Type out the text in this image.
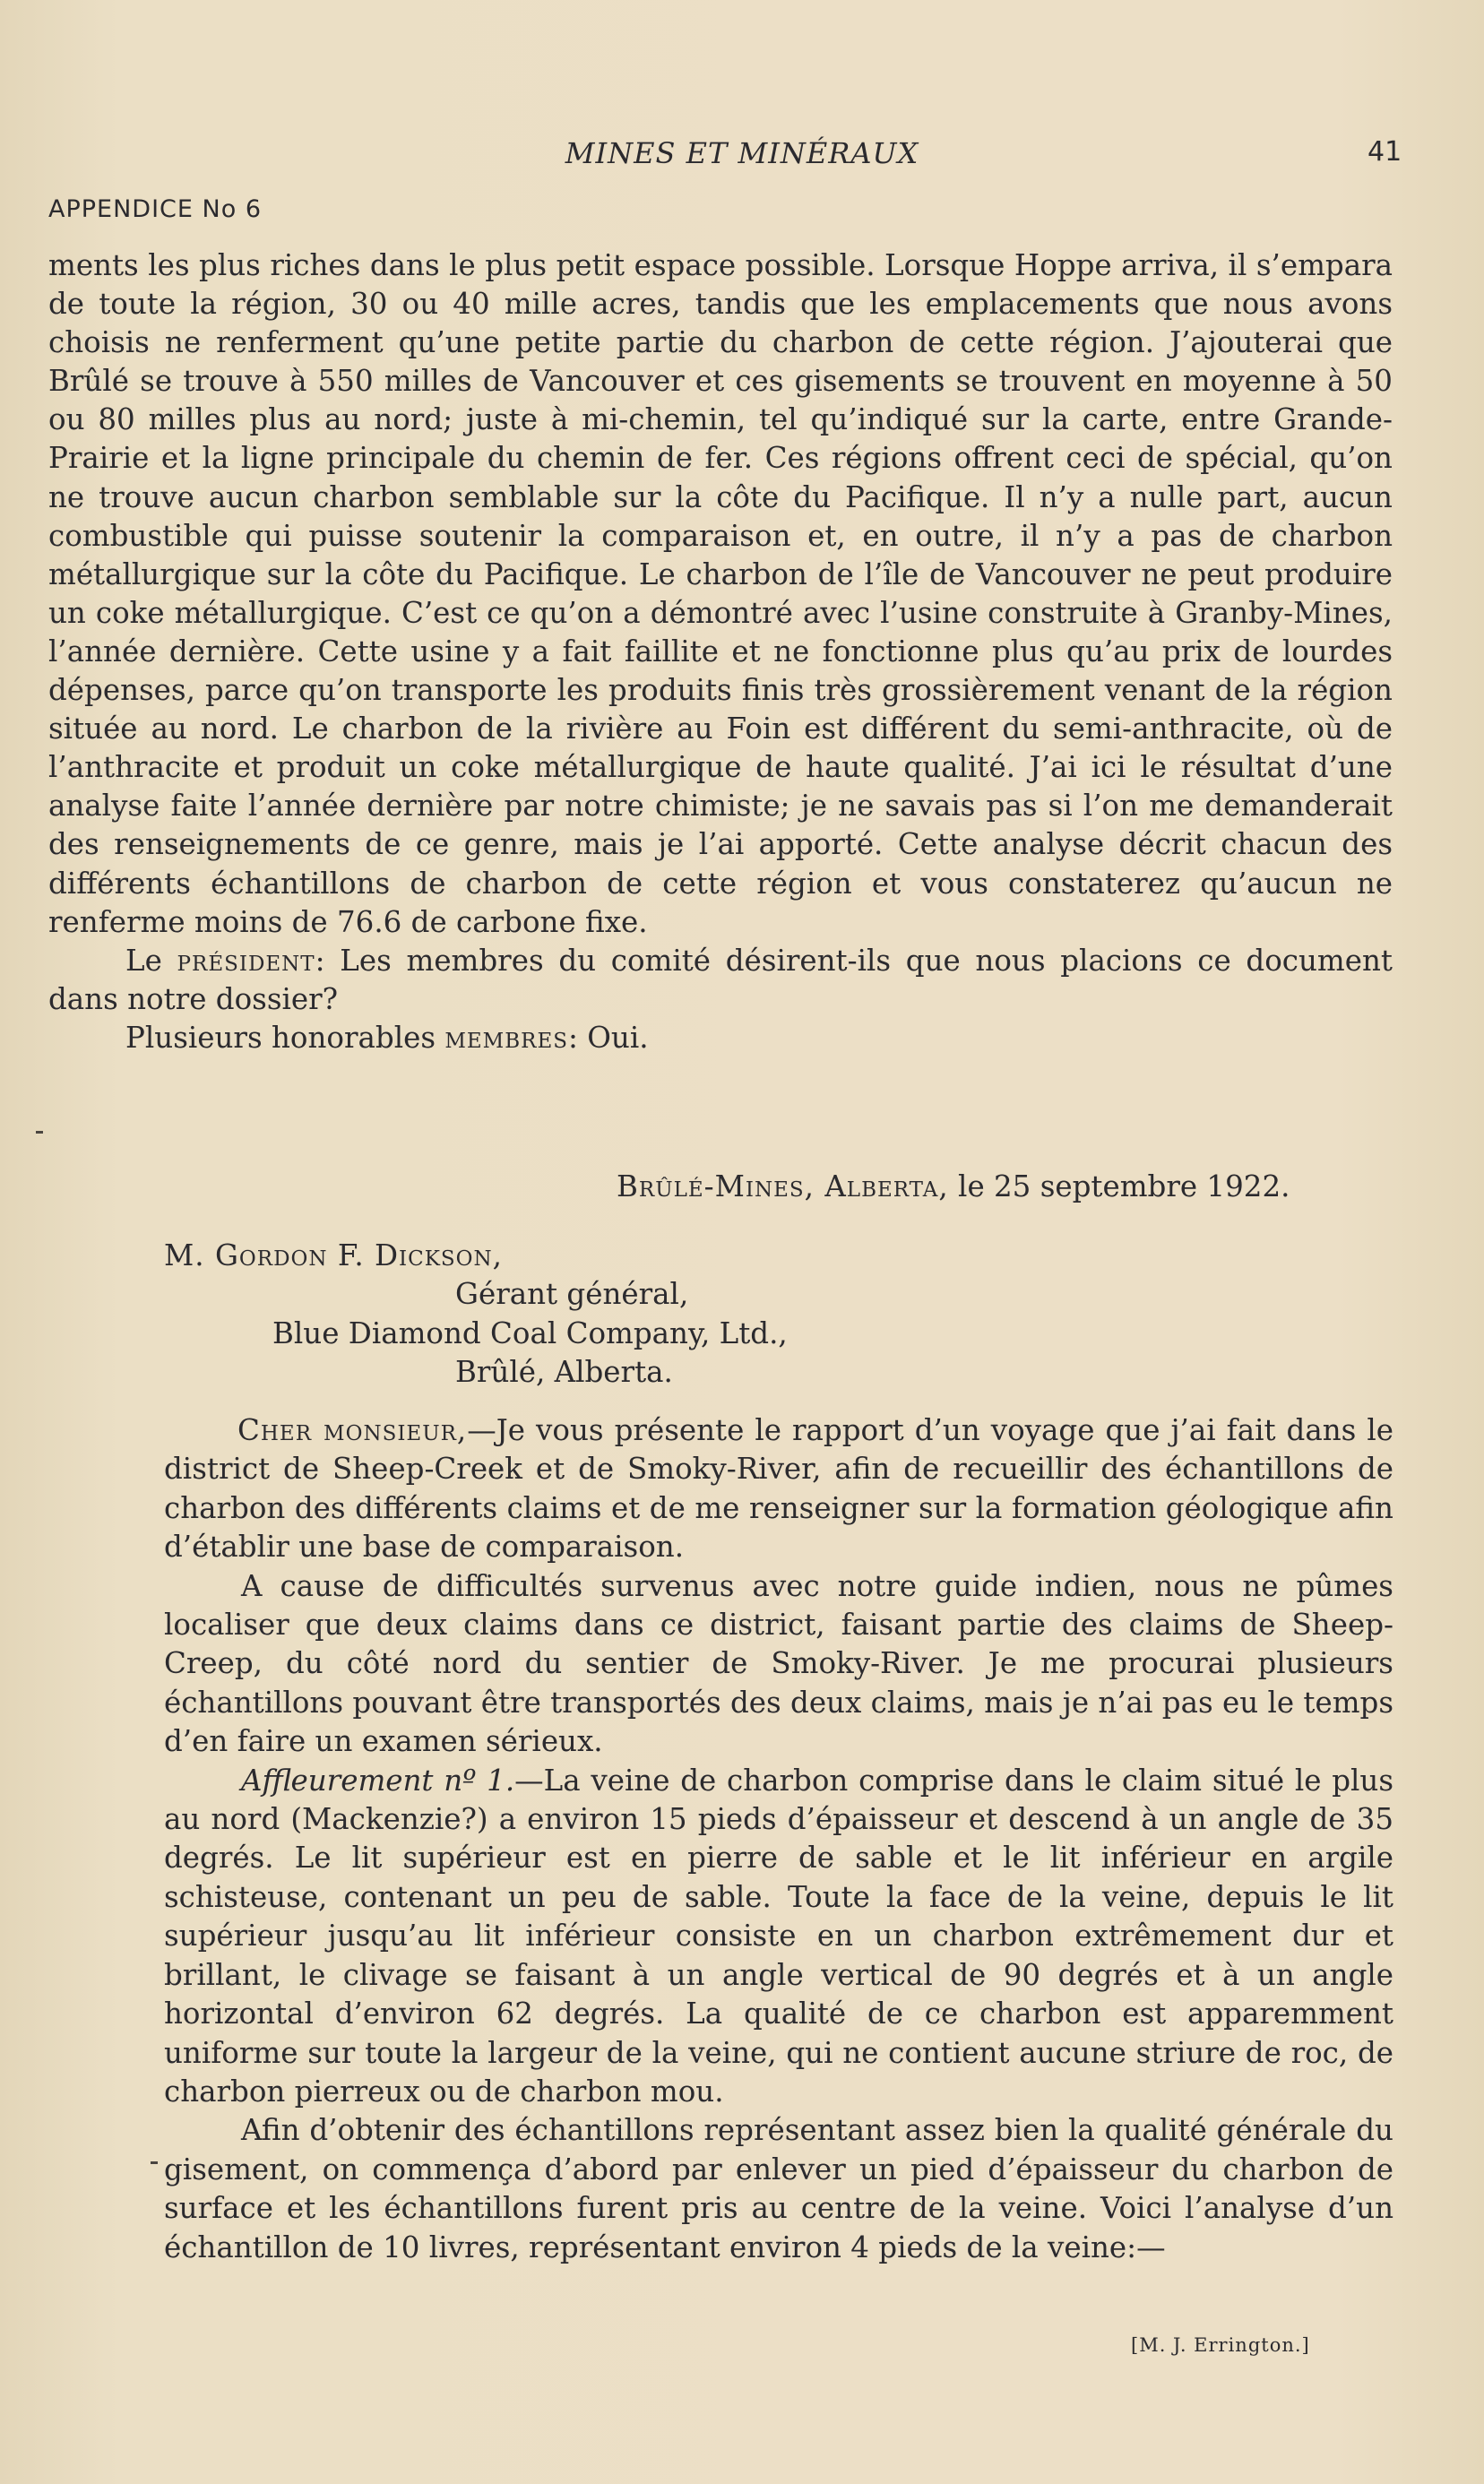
MINES ET MINÉRAUX	41
APPENDICE No 6

ments les plus riches dans le plus petit espace possible. Lorsque Hoppe arriva, il s’empara de toute la région, 30 ou 40 mille acres, tandis que les emplacements que nous avons choisis ne renferment qu’une petite partie du charbon de cette région. J’ajouterai que Brûlé se trouve à 550 milles de Vancouver et ces gisements se trouvent en moyenne à 50 ou 80 milles plus au nord; juste à mi-chemin, tel qu’indiqué sur la carte, entre Grande-Prairie et la ligne principale du chemin de fer. Ces régions offrent ceci de spécial, qu’on ne trouve aucun charbon semblable sur la côte du Pacifique. Il n’y a nulle part, aucun combustible qui puisse soutenir la comparaison et, en outre, il n’y a pas de charbon métallurgique sur la côte du Pacifique. Le charbon de l’île de Vancouver ne peut produire un coke métallurgique. C’est ce qu’on a démontré avec l’usine construite à Granby-Mines, l’année dernière. Cette usine y a fait faillite et ne fonctionne plus qu’au prix de lourdes dépenses, parce qu’on transporte les produits finis très grossièrement venant de la région située au nord. Le charbon de la rivière au Foin est différent du semi-anthracite, où de l’anthracite et produit un coke métallurgique de haute qualité. J’ai ici le résultat d’une analyse faite l’année dernière par notre chimiste; je ne savais pas si l’on me demanderait des renseignements de ce genre, mais je l’ai apporté. Cette analyse décrit chacun des différents échantillons de charbon de cette région et vous constaterez qu’aucun ne renferme moins de 76.6 de carbone fixe.

Le président: Les membres du comité désirent-ils que nous placions ce document dans notre dossier?

Plusieurs honorables membres: Oui.

Brûlé-Mines, Alberta, le 25 septembre 1922.
M. Gordon F. Dickson,
Gérant général,
Blue Diamond Coal Company, Ltd.,
Brûlé, Alberta.

Cher monsieur,—Je vous présente le rapport d’un voyage que j’ai fait dans le district de Sheep-Creek et de Smoky-River, afin de recueillir des échantillons de charbon des différents claims et de me renseigner sur la formation géologique afin d’établir une base de comparaison.

A cause de difficultés survenus avec notre guide indien, nous ne pûmes localiser que deux claims dans ce district, faisant partie des claims de Sheep-Creep, du côté nord du sentier de Smoky-River. Je me procurai plusieurs échantillons pouvant être transportés des deux claims, mais je n’ai pas eu le temps d’en faire un examen sérieux.

Affleurement nº 1.—La veine de charbon comprise dans le claim situé le plus au nord (Mackenzie?) a environ 15 pieds d’épaisseur et descend à un angle de 35 degrés. Le lit supérieur est en pierre de sable et le lit inférieur en argile schisteuse, contenant un peu de sable. Toute la face de la veine, depuis le lit supérieur jusqu’au lit inférieur consiste en un charbon extrêmement dur et brillant, le clivage se faisant à un angle vertical de 90 degrés et à un angle horizontal d’environ 62 degrés. La qualité de ce charbon est apparemment uniforme sur toute la largeur de la veine, qui ne contient aucune striure de roc, de charbon pierreux ou de charbon mou.

Afin d’obtenir des échantillons représentant assez bien la qualité générale du gisement, on commença d’abord par enlever un pied d’épaisseur du charbon de surface et les échantillons furent pris au centre de la veine. Voici l’analyse d’un échantillon de 10 livres, représentant environ 4 pieds de la veine:—

[M. J. Errington.]
